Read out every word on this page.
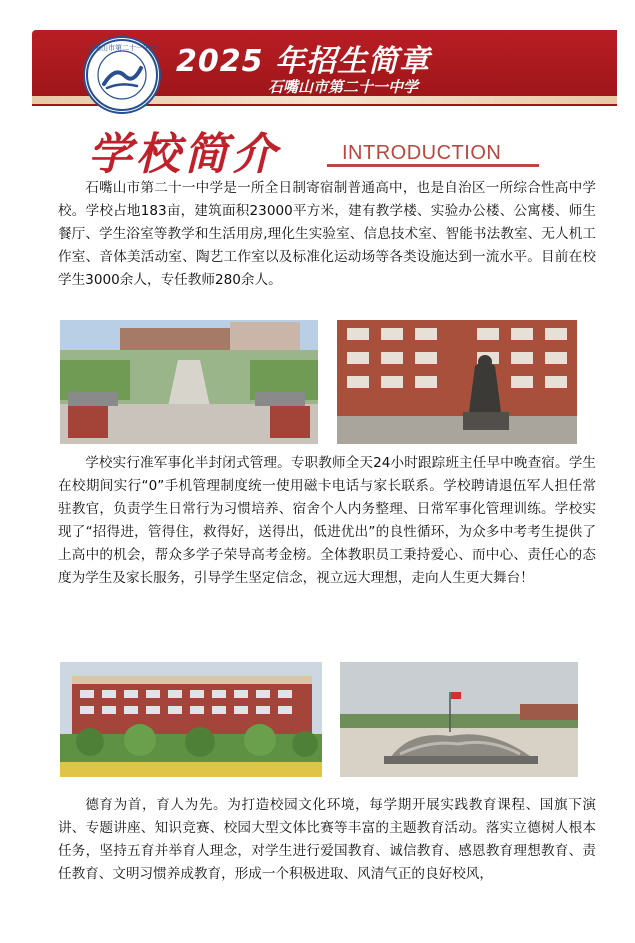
石嘴山市第二十一中学 2025 年招生简章
石嘴山市第二十一中学
学校简介	INTRODUCTION

石嘴山市第二十一中学是一所全日制寄宿制普通高中，也是自治区一所综合性高中学校。学校占地183亩，建筑面积23000平方米，建有教学楼、实验办公楼、公寓楼、师生餐厅、学生浴室等教学和生活用房,理化生实验室、信息技术室、智能书法教室、无人机工作室、音体美活动室、陶艺工作室以及标准化运动场等各类设施达到一流水平。目前在校学生3000余人，专任教师280余人。

学校实行准军事化半封闭式管理。专职教师全天24小时跟踪班主任早中晚查宿。学生在校期间实行“0”手机管理制度统一使用磁卡电话与家长联系。学校聘请退伍军人担任常驻教官，负责学生日常行为习惯培养、宿舍个人内务整理、日常军事化管理训练。学校实现了“招得进，管得住，救得好，送得出，低进优出”的良性循环，为众多中考考生提供了上高中的机会，帮众多学子荣导高考金榜。全体教职员工秉持爱心、而中心、责任心的态度为学生及家长服务，引导学生坚定信念，视立远大理想，走向人生更大舞台！

德育为首，育人为先。为打造校园文化环境，每学期开展实践教育课程、国旗下演讲、专题讲座、知识竞赛、校园大型文体比赛等丰富的主题教育活动。落实立德树人根本任务，坚持五育并举育人理念，对学生进行爱国教育、诚信教育、感恩教育理想教育、责任教育、文明习惯养成教育，形成一个积极进取、风清气正的良好校风，
